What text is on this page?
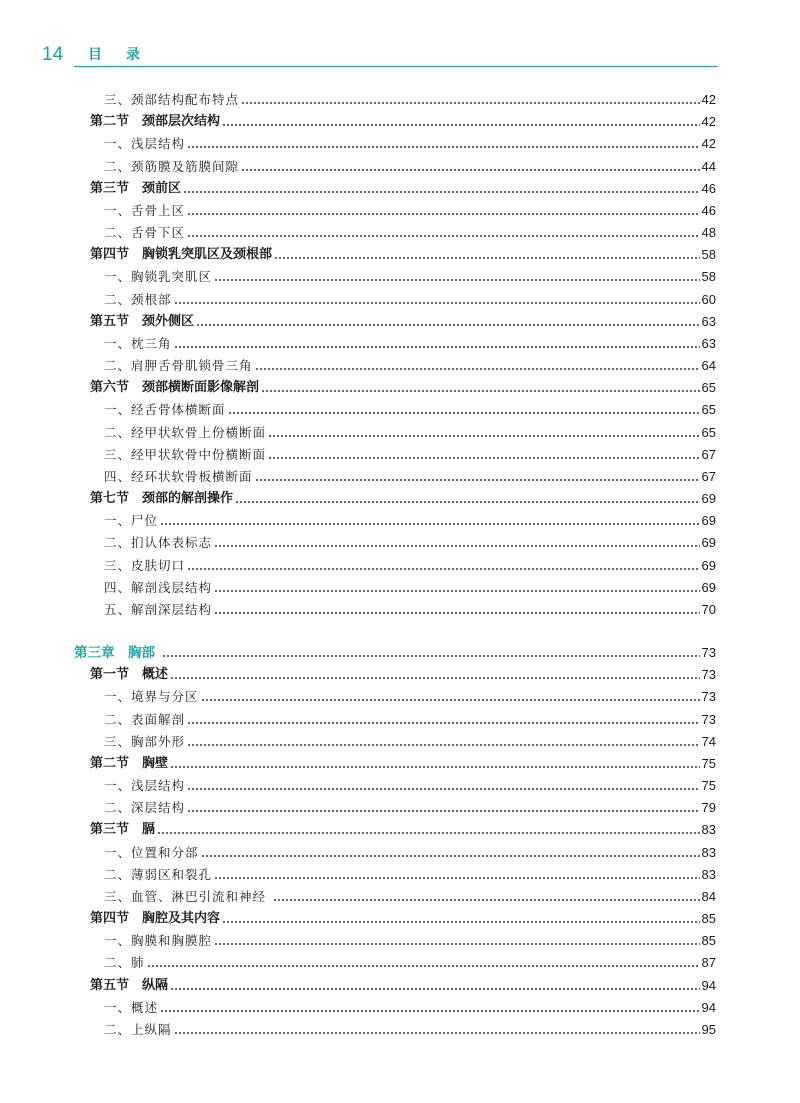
14 目 录
三、颈部结构配布特点	42
第二节　颈部层次结构	42
一、浅层结构	42
二、颈筋膜及筋膜间隙	44
第三节　颈前区	46
一、舌骨上区	46
二、舌骨下区	48
第四节　胸锁乳突肌区及颈根部	58
一、胸锁乳突肌区	58
二、颈根部	60
第五节　颈外侧区	63
一、枕三角	63
二、肩胛舌骨肌锁骨三角	64
第六节　颈部横断面影像解剖	65
一、经舌骨体横断面	65
二、经甲状软骨上份横断面	65
三、经甲状软骨中份横断面	67
四、经环状软骨板横断面	67
第七节　颈部的解剖操作	69
一、尸位	69
二、扪认体表标志	69
三、皮肤切口	69
四、解剖浅层结构	69
五、解剖深层结构	70
第三章　胸部	73
第一节　概述	73
一、境界与分区	73
二、表面解剖	73
三、胸部外形	74
第二节　胸壁	75
一、浅层结构	75
二、深层结构	79
第三节　膈	83
一、位置和分部	83
二、薄弱区和裂孔	83
三、血管、淋巴引流和神经	84
第四节　胸腔及其内容	85
一、胸膜和胸膜腔	85
二、肺	87
第五节　纵隔	94
一、概述	94
二、上纵隔	95
